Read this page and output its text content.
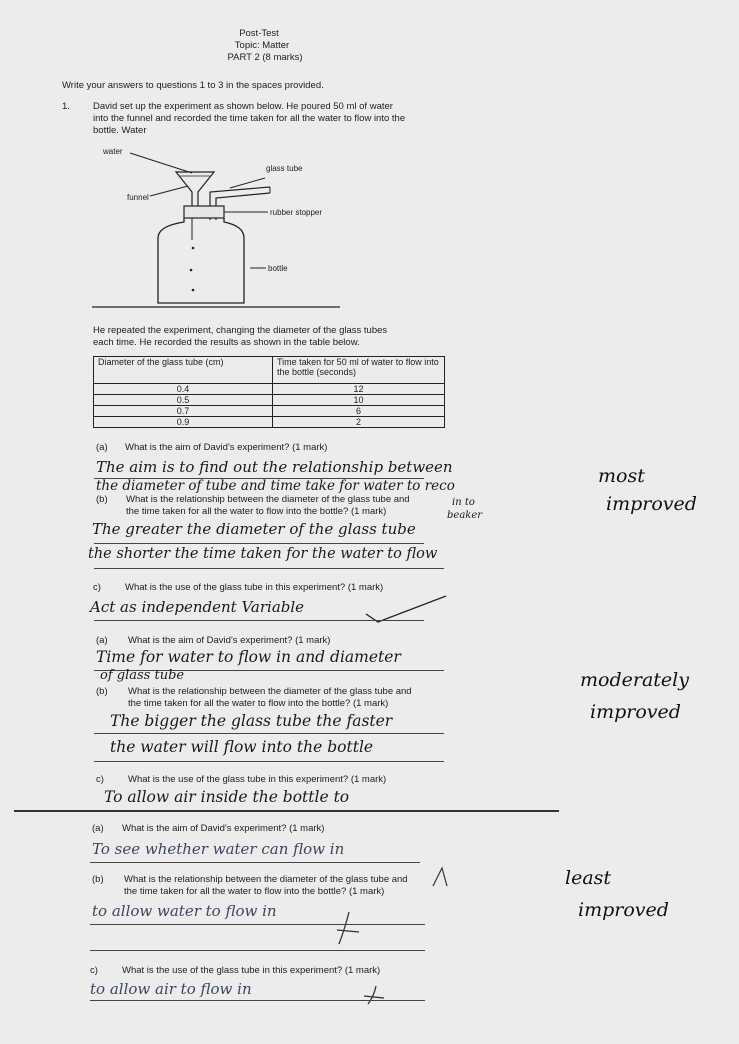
Post-Test
Topic: Matter
PART 2 (8 marks)
Write your answers to questions 1 to 3 in the spaces provided.
1. David set up the experiment as shown below. He poured 50 ml of water
into the funnel and recorded the time taken for all the water to flow into the
bottle. Water
water
glass tube
funnel
rubber stopper
bottle
He repeated the experiment, changing the diameter of the glass tubes
each time. He recorded the results as shown in the table below.
Diameter of the glass tube (cm)	Time taken for 50 ml of water to flow into the bottle (seconds)
0.4	12
0.5	10
0.7	6
0.9	2
(a) What is the aim of David's experiment? (1 mark)
The aim is to find out the relationship between
the diameter of tube and time take for water to reco
in to
beaker
(b) What is the relationship between the diameter of the glass tube and
the time taken for all the water to flow into the bottle? (1 mark)
The greater the diameter of the glass tube
the shorter the time taken for the water to flow
c)	What is the use of the glass tube in this experiment? (1 mark)
Act as independent Variable
most
improved
(a) What is the aim of David's experiment? (1 mark)
Time for water to flow in and diameter
of glass tube
(b) What is the relationship between the diameter of the glass tube and
the time taken for all the water to flow into the bottle? (1 mark)
The bigger the glass tube the faster
the water will flow into the bottle
c)	What is the use of the glass tube in this experiment? (1 mark)
To allow air inside the bottle to
moderately
improved
(a) What is the aim of David's experiment? (1 mark)
To see whether water can flow in
(b) What is the relationship between the diameter of the glass tube and
the time taken for all the water to flow into the bottle? (1 mark)
to allow water to flow in
c)	What is the use of the glass tube in this experiment? (1 mark)
to allow air to flow in
least
improved
